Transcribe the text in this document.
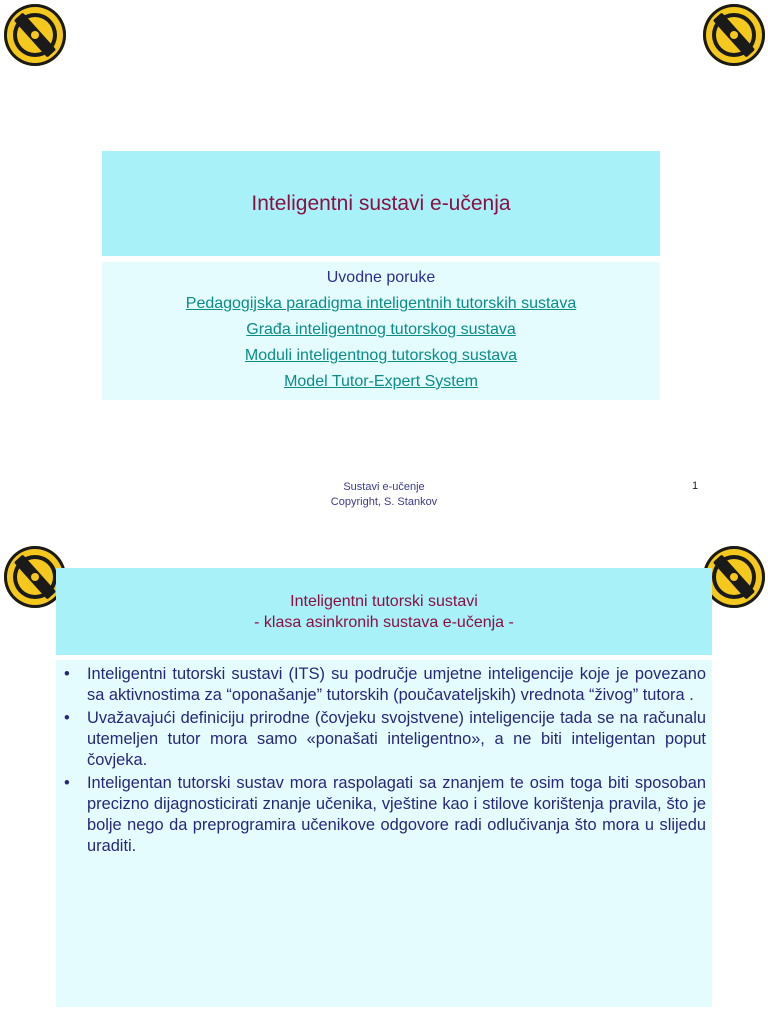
Inteligentni sustavi e-učenja
Uvodne poruke
Pedagogijska paradigma inteligentnih tutorskih sustava
Građa inteligentnog tutorskog sustava
Moduli inteligentnog tutorskog sustava
Model Tutor-Expert System
Sustavi e-učenje
Copyright, S. Stankov
1
Inteligentni tutorski sustavi
- klasa asinkronih sustava e-učenja -
• Inteligentni tutorski sustavi (ITS) su područje umjetne inteligencije koje je povezano sa aktivnostima za “oponašanje” tutorskih (poučavateljskih) vrednota “živog” tutora .
• Uvažavajući definiciju prirodne (čovjeku svojstvene) inteligencije tada se na računalu utemeljen tutor mora samo «ponašati inteligentno», a ne biti inteligentan poput čovjeka.
• Inteligentan tutorski sustav mora raspolagati sa znanjem te osim toga biti sposoban precizno dijagnosticirati znanje učenika, vještine kao i stilove korištenja pravila, što je bolje nego da preprogramira učenikove odgovore radi odlučivanja što mora u slijedu uraditi.
